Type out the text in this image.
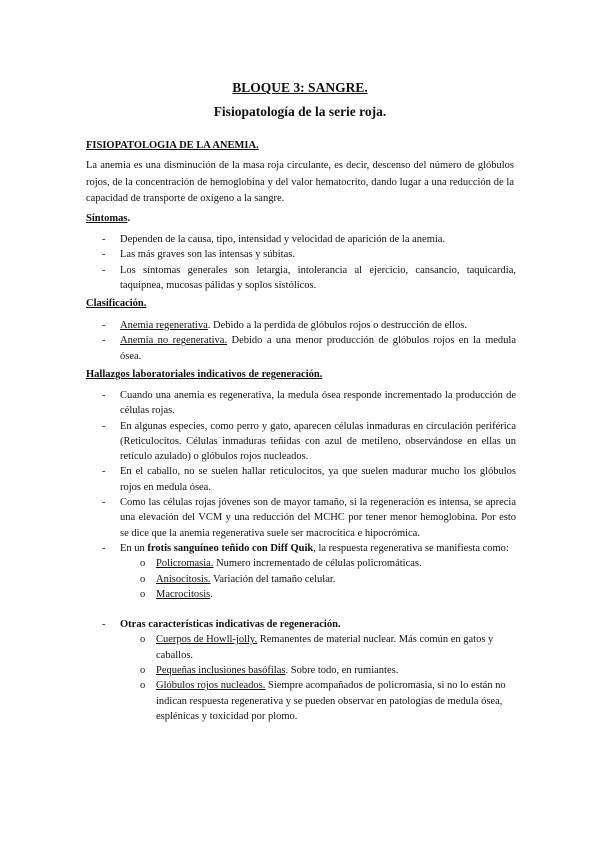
BLOQUE 3: SANGRE.
Fisiopatología de la serie roja.
FISIOPATOLOGIA DE LA ANEMIA.
La anemia es una disminución de la masa roja circulante, es decir, descenso del número de glóbulos rojos, de la concentración de hemoglobina y del valor hematocrito, dando lugar a una reducción de la capacidad de transporte de oxígeno a la sangre.
Síntomas.
- Dependen de la causa, tipo, intensidad y velocidad de aparición de la anemia.
- Las más graves son las intensas y súbitas.
- Los síntomas generales son letargia, intolerancia al ejercicio, cansancio, taquicardia, taquipnea, mucosas pálidas y soplos sistólicos.
Clasificación.
- Anemia regenerativa. Debido a la perdida de glóbulos rojos o destrucción de ellos.
- Anemia no regenerativa. Debido a una menor producción de glóbulos rojos en la medula ósea.
Hallazgos laboratoriales indicativos de regeneración.
- Cuando una anemia es regenerativa, la medula ósea responde incrementado la producción de células rojas.
- En algunas especies, como perro y gato, aparecen células inmaduras en circulación periférica (Reticulocitos. Células inmaduras teñidas con azul de metileno, observándose en ellas un retículo azulado) o glóbulos rojos nucleados.
- En el caballo, no se suelen hallar reticulocitos, ya que suelen madurar mucho los glóbulos rojos en medula ósea.
- Como las células rojas jóvenes son de mayor tamaño, si la regeneración es intensa, se aprecia una elevación del VCM y una reducción del MCHC por tener menor hemoglobina. Por esto se dice que la anemia regenerativa suele ser macrocitica e hipocrómica.
- En un frotis sanguíneo teñido con Diff Quik, la respuesta regenerativa se manifiesta como:
o Policromasia. Numero incrementado de células policromáticas.
o Anisocitosis. Variación del tamaño celular.
o Macrocitosis.
- Otras características indicativas de regeneración.
o Cuerpos de Howll-jolly. Remanentes de material nuclear. Más común en gatos y caballos.
o Pequeñas inclusiones basófilas. Sobre todo, en rumiantes.
o Glóbulos rojos nucleados. Siempre acompañados de policromasia, si no lo están no indican respuesta regenerativa y se pueden observar en patologías de medula ósea, esplénicas y toxicidad por plomo.
